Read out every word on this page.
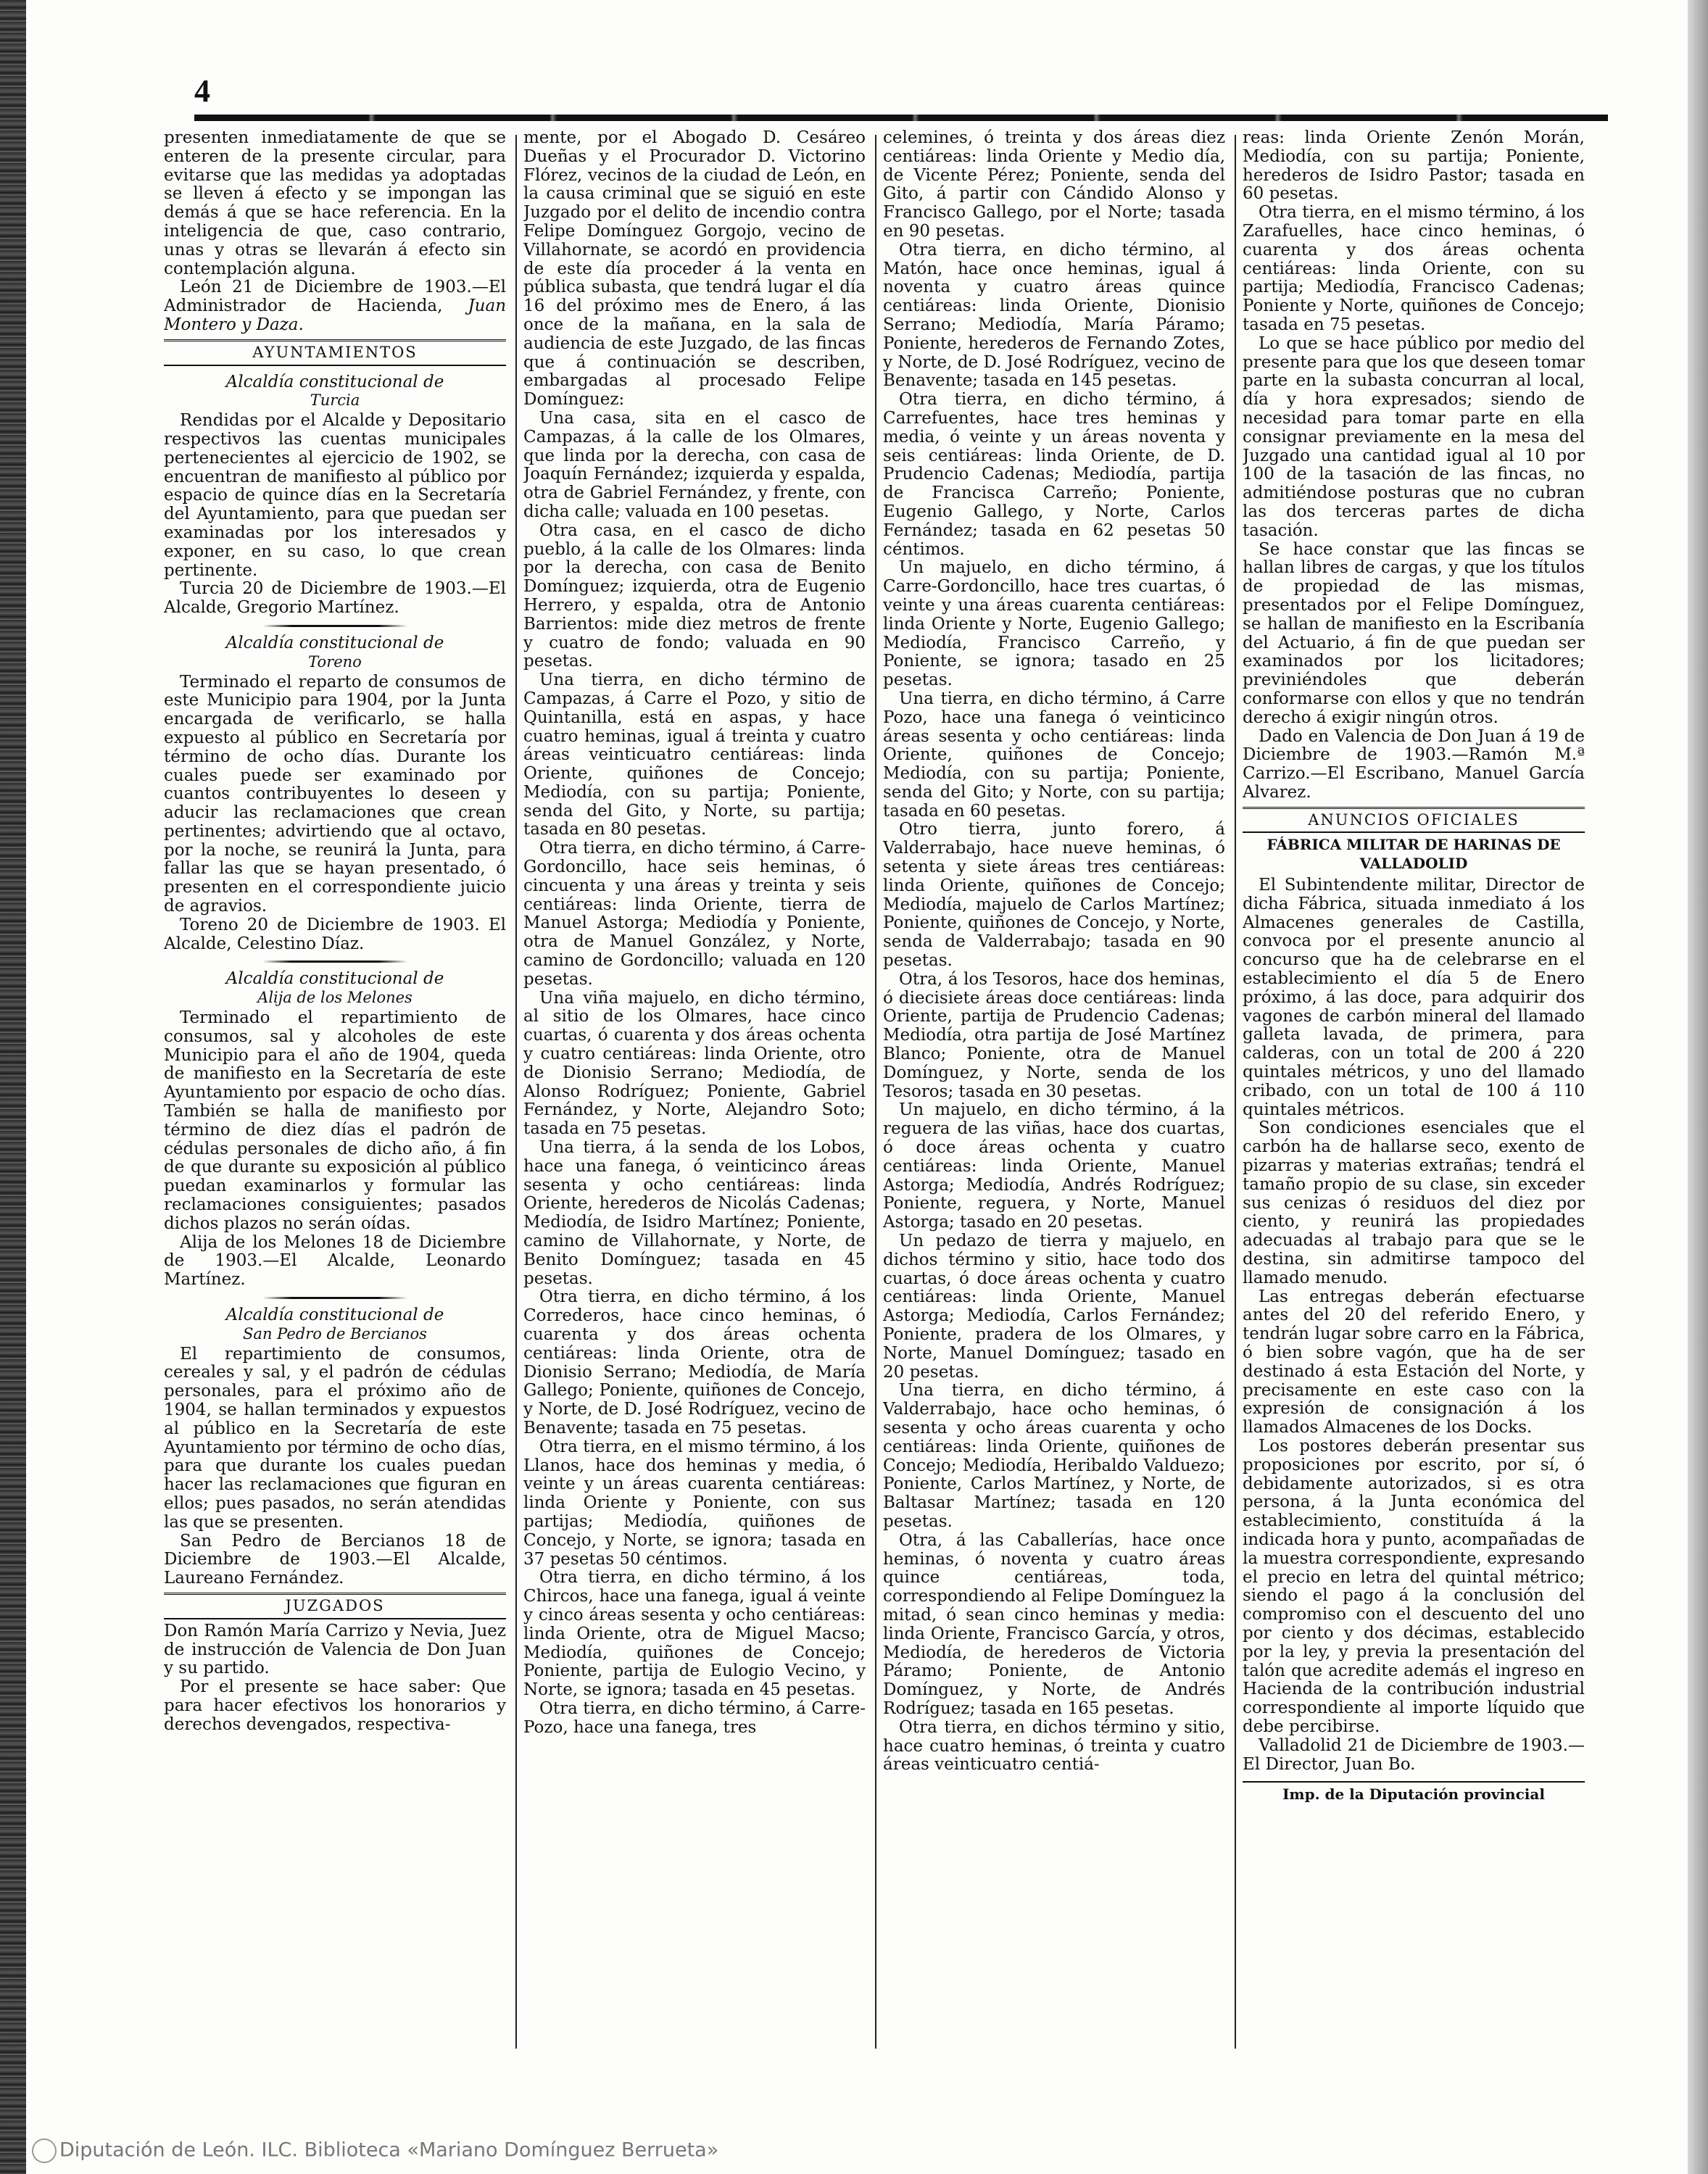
4

presenten inmediatamente de que se enteren de la presente circular, para evitarse que las medidas ya adoptadas se lleven á efecto y se impongan las demás á que se hace referencia. En la inteligencia de que, caso contrario, unas y otras se llevarán á efecto sin contemplación alguna.

León 21 de Diciembre de 1903.—El Administrador de Hacienda, Juan Montero y Daza.

AYUNTAMIENTOS
Alcaldía constitucional de
Turcia

Rendidas por el Alcalde y Depositario respectivos las cuentas municipales pertenecientes al ejercicio de 1902, se encuentran de manifiesto al público por espacio de quince días en la Secretaría del Ayuntamiento, para que puedan ser examinadas por los interesados y exponer, en su caso, lo que crean pertinente.

Turcia 20 de Diciembre de 1903.—El Alcalde, Gregorio Martínez.

Alcaldía constitucional de
Toreno

Terminado el reparto de consumos de este Municipio para 1904, por la Junta encargada de verificarlo, se halla expuesto al público en Secretaría por término de ocho días. Durante los cuales puede ser examinado por cuantos contribuyentes lo deseen y aducir las reclamaciones que crean pertinentes; advirtiendo que al octavo, por la noche, se reunirá la Junta, para fallar las que se hayan presentado, ó presenten en el correspondiente juicio de agravios.

Toreno 20 de Diciembre de 1903. El Alcalde, Celestino Díaz.

Alcaldía constitucional de
Alija de los Melones

Terminado el repartimiento de consumos, sal y alcoholes de este Municipio para el año de 1904, queda de manifiesto en la Secretaría de este Ayuntamiento por espacio de ocho días. También se halla de manifiesto por término de diez días el padrón de cédulas personales de dicho año, á fin de que durante su exposición al público puedan examinarlos y formular las reclamaciones consiguientes; pasados dichos plazos no serán oídas.

Alija de los Melones 18 de Diciembre de 1903.—El Alcalde, Leonardo Martínez.

Alcaldía constitucional de
San Pedro de Bercianos

El repartimiento de consumos, cereales y sal, y el padrón de cédulas personales, para el próximo año de 1904, se hallan terminados y expuestos al público en la Secretaría de este Ayuntamiento por término de ocho días, para que durante los cuales puedan hacer las reclamaciones que figuran en ellos; pues pasados, no serán atendidas las que se presenten.

San Pedro de Bercianos 18 de Diciembre de 1903.—El Alcalde, Laureano Fernández.

JUZGADOS

Don Ramón María Carrizo y Nevia, Juez de instrucción de Valencia de Don Juan y su partido.

Por el presente se hace saber: Que para hacer efectivos los honorarios y derechos devengados, respectiva-

mente, por el Abogado D. Cesáreo Dueñas y el Procurador D. Victorino Flórez, vecinos de la ciudad de León, en la causa criminal que se siguió en este Juzgado por el delito de incendio contra Felipe Domínguez Gorgojo, vecino de Villahornate, se acordó en providencia de este día proceder á la venta en pública subasta, que tendrá lugar el día 16 del próximo mes de Enero, á las once de la mañana, en la sala de audiencia de este Juzgado, de las fincas que á continuación se describen, embargadas al procesado Felipe Domínguez:

Una casa, sita en el casco de Campazas, á la calle de los Olmares, que linda por la derecha, con casa de Joaquín Fernández; izquierda y espalda, otra de Gabriel Fernández, y frente, con dicha calle; valuada en 100 pesetas.

Otra casa, en el casco de dicho pueblo, á la calle de los Olmares: linda por la derecha, con casa de Benito Domínguez; izquierda, otra de Eugenio Herrero, y espalda, otra de Antonio Barrientos: mide diez metros de frente y cuatro de fondo; valuada en 90 pesetas.

Una tierra, en dicho término de Campazas, á Carre el Pozo, y sitio de Quintanilla, está en aspas, y hace cuatro heminas, igual á treinta y cuatro áreas veinticuatro centiáreas: linda Oriente, quiñones de Concejo; Mediodía, con su partija; Poniente, senda del Gito, y Norte, su partija; tasada en 80 pesetas.

Otra tierra, en dicho término, á Carre-Gordoncillo, hace seis heminas, ó cincuenta y una áreas y treinta y seis centiáreas: linda Oriente, tierra de Manuel Astorga; Mediodía y Poniente, otra de Manuel González, y Norte, camino de Gordoncillo; valuada en 120 pesetas.

Una viña majuelo, en dicho término, al sitio de los Olmares, hace cinco cuartas, ó cuarenta y dos áreas ochenta y cuatro centiáreas: linda Oriente, otro de Dionisio Serrano; Mediodía, de Alonso Rodríguez; Poniente, Gabriel Fernández, y Norte, Alejandro Soto; tasada en 75 pesetas.

Una tierra, á la senda de los Lobos, hace una fanega, ó veinticinco áreas sesenta y ocho centiáreas: linda Oriente, herederos de Nicolás Cadenas; Mediodía, de Isidro Martínez; Poniente, camino de Villahornate, y Norte, de Benito Domínguez; tasada en 45 pesetas.

Otra tierra, en dicho término, á los Correderos, hace cinco heminas, ó cuarenta y dos áreas ochenta centiáreas: linda Oriente, otra de Dionisio Serrano; Mediodía, de María Gallego; Poniente, quiñones de Concejo, y Norte, de D. José Rodríguez, vecino de Benavente; tasada en 75 pesetas.

Otra tierra, en el mismo término, á los Llanos, hace dos heminas y media, ó veinte y un áreas cuarenta centiáreas: linda Oriente y Poniente, con sus partijas; Mediodía, quiñones de Concejo, y Norte, se ignora; tasada en 37 pesetas 50 céntimos.

Otra tierra, en dicho término, á los Chircos, hace una fanega, igual á veinte y cinco áreas sesenta y ocho centiáreas: linda Oriente, otra de Miguel Macso; Mediodía, quiñones de Concejo; Poniente, partija de Eulogio Vecino, y Norte, se ignora; tasada en 45 pesetas.

Otra tierra, en dicho término, á Carre-Pozo, hace una fanega, tres

celemines, ó treinta y dos áreas diez centiáreas: linda Oriente y Medio día, de Vicente Pérez; Poniente, senda del Gito, á partir con Cándido Alonso y Francisco Gallego, por el Norte; tasada en 90 pesetas.

Otra tierra, en dicho término, al Matón, hace once heminas, igual á noventa y cuatro áreas quince centiáreas: linda Oriente, Dionisio Serrano; Mediodía, María Páramo; Poniente, herederos de Fernando Zotes, y Norte, de D. José Rodríguez, vecino de Benavente; tasada en 145 pesetas.

Otra tierra, en dicho término, á Carrefuentes, hace tres heminas y media, ó veinte y un áreas noventa y seis centiáreas: linda Oriente, de D. Prudencio Cadenas; Mediodía, partija de Francisca Carreño; Poniente, Eugenio Gallego, y Norte, Carlos Fernández; tasada en 62 pesetas 50 céntimos.

Un majuelo, en dicho término, á Carre-Gordoncillo, hace tres cuartas, ó veinte y una áreas cuarenta centiáreas: linda Oriente y Norte, Eugenio Gallego; Mediodía, Francisco Carreño, y Poniente, se ignora; tasado en 25 pesetas.

Una tierra, en dicho término, á Carre Pozo, hace una fanega ó veinticinco áreas sesenta y ocho centiáreas: linda Oriente, quiñones de Concejo; Mediodía, con su partija; Poniente, senda del Gito; y Norte, con su partija; tasada en 60 pesetas.

Otro tierra, junto forero, á Valderrabajo, hace nueve heminas, ó setenta y siete áreas tres centiáreas: linda Oriente, quiñones de Concejo; Mediodía, majuelo de Carlos Martínez; Poniente, quiñones de Concejo, y Norte, senda de Valderrabajo; tasada en 90 pesetas.

Otra, á los Tesoros, hace dos heminas, ó diecisiete áreas doce centiáreas: linda Oriente, partija de Prudencio Cadenas; Mediodía, otra partija de José Martínez Blanco; Poniente, otra de Manuel Domínguez, y Norte, senda de los Tesoros; tasada en 30 pesetas.

Un majuelo, en dicho término, á la reguera de las viñas, hace dos cuartas, ó doce áreas ochenta y cuatro centiáreas: linda Oriente, Manuel Astorga; Mediodía, Andrés Rodríguez; Poniente, reguera, y Norte, Manuel Astorga; tasado en 20 pesetas.

Un pedazo de tierra y majuelo, en dichos término y sitio, hace todo dos cuartas, ó doce áreas ochenta y cuatro centiáreas: linda Oriente, Manuel Astorga; Mediodía, Carlos Fernández; Poniente, pradera de los Olmares, y Norte, Manuel Domínguez; tasado en 20 pesetas.

Una tierra, en dicho término, á Valderrabajo, hace ocho heminas, ó sesenta y ocho áreas cuarenta y ocho centiáreas: linda Oriente, quiñones de Concejo; Mediodía, Heribaldo Valduezo; Poniente, Carlos Martínez, y Norte, de Baltasar Martínez; tasada en 120 pesetas.

Otra, á las Caballerías, hace once heminas, ó noventa y cuatro áreas quince centiáreas, toda, correspondiendo al Felipe Domínguez la mitad, ó sean cinco heminas y media: linda Oriente, Francisco García, y otros, Mediodía, de herederos de Victoria Páramo; Poniente, de Antonio Domínguez, y Norte, de Andrés Rodríguez; tasada en 165 pesetas.

Otra tierra, en dichos término y sitio, hace cuatro heminas, ó treinta y cuatro áreas veinticuatro centiá-

reas: linda Oriente Zenón Morán, Mediodía, con su partija; Poniente, herederos de Isidro Pastor; tasada en 60 pesetas.

Otra tierra, en el mismo término, á los Zarafuelles, hace cinco heminas, ó cuarenta y dos áreas ochenta centiáreas: linda Oriente, con su partija; Mediodía, Francisco Cadenas; Poniente y Norte, quiñones de Concejo; tasada en 75 pesetas.

Lo que se hace público por medio del presente para que los que deseen tomar parte en la subasta concurran al local, día y hora expresados; siendo de necesidad para tomar parte en ella consignar previamente en la mesa del Juzgado una cantidad igual al 10 por 100 de la tasación de las fincas, no admitiéndose posturas que no cubran las dos terceras partes de dicha tasación.

Se hace constar que las fincas se hallan libres de cargas, y que los títulos de propiedad de las mismas, presentados por el Felipe Domínguez, se hallan de manifiesto en la Escribanía del Actuario, á fin de que puedan ser examinados por los licitadores; previniéndoles que deberán conformarse con ellos y que no tendrán derecho á exigir ningún otros.

Dado en Valencia de Don Juan á 19 de Diciembre de 1903.—Ramón M.ª Carrizo.—El Escribano, Manuel García Alvarez.

ANUNCIOS OFICIALES
FÁBRICA MILITAR DE HARINAS DE VALLADOLID

El Subintendente militar, Director de dicha Fábrica, situada inmediato á los Almacenes generales de Castilla, convoca por el presente anuncio al concurso que ha de celebrarse en el establecimiento el día 5 de Enero próximo, á las doce, para adquirir dos vagones de carbón mineral del llamado galleta lavada, de primera, para calderas, con un total de 200 á 220 quintales métricos, y uno del llamado cribado, con un total de 100 á 110 quintales métricos.

Son condiciones esenciales que el carbón ha de hallarse seco, exento de pizarras y materias extrañas; tendrá el tamaño propio de su clase, sin exceder sus cenizas ó residuos del diez por ciento, y reunirá las propiedades adecuadas al trabajo para que se le destina, sin admitirse tampoco del llamado menudo.

Las entregas deberán efectuarse antes del 20 del referido Enero, y tendrán lugar sobre carro en la Fábrica, ó bien sobre vagón, que ha de ser destinado á esta Estación del Norte, y precisamente en este caso con la expresión de consignación á los llamados Almacenes de los Docks.

Los postores deberán presentar sus proposiciones por escrito, por sí, ó debidamente autorizados, si es otra persona, á la Junta económica del establecimiento, constituída á la indicada hora y punto, acompañadas de la muestra correspondiente, expresando el precio en letra del quintal métrico; siendo el pago á la conclusión del compromiso con el descuento del uno por ciento y dos décimas, establecido por la ley, y previa la presentación del talón que acredite además el ingreso en Hacienda de la contribución industrial correspondiente al importe líquido que debe percibirse.

Valladolid 21 de Diciembre de 1903.—El Director, Juan Bo.

Imp. de la Diputación provincial
Diputación de León. ILC. Biblioteca «Mariano Domínguez Berrueta»
